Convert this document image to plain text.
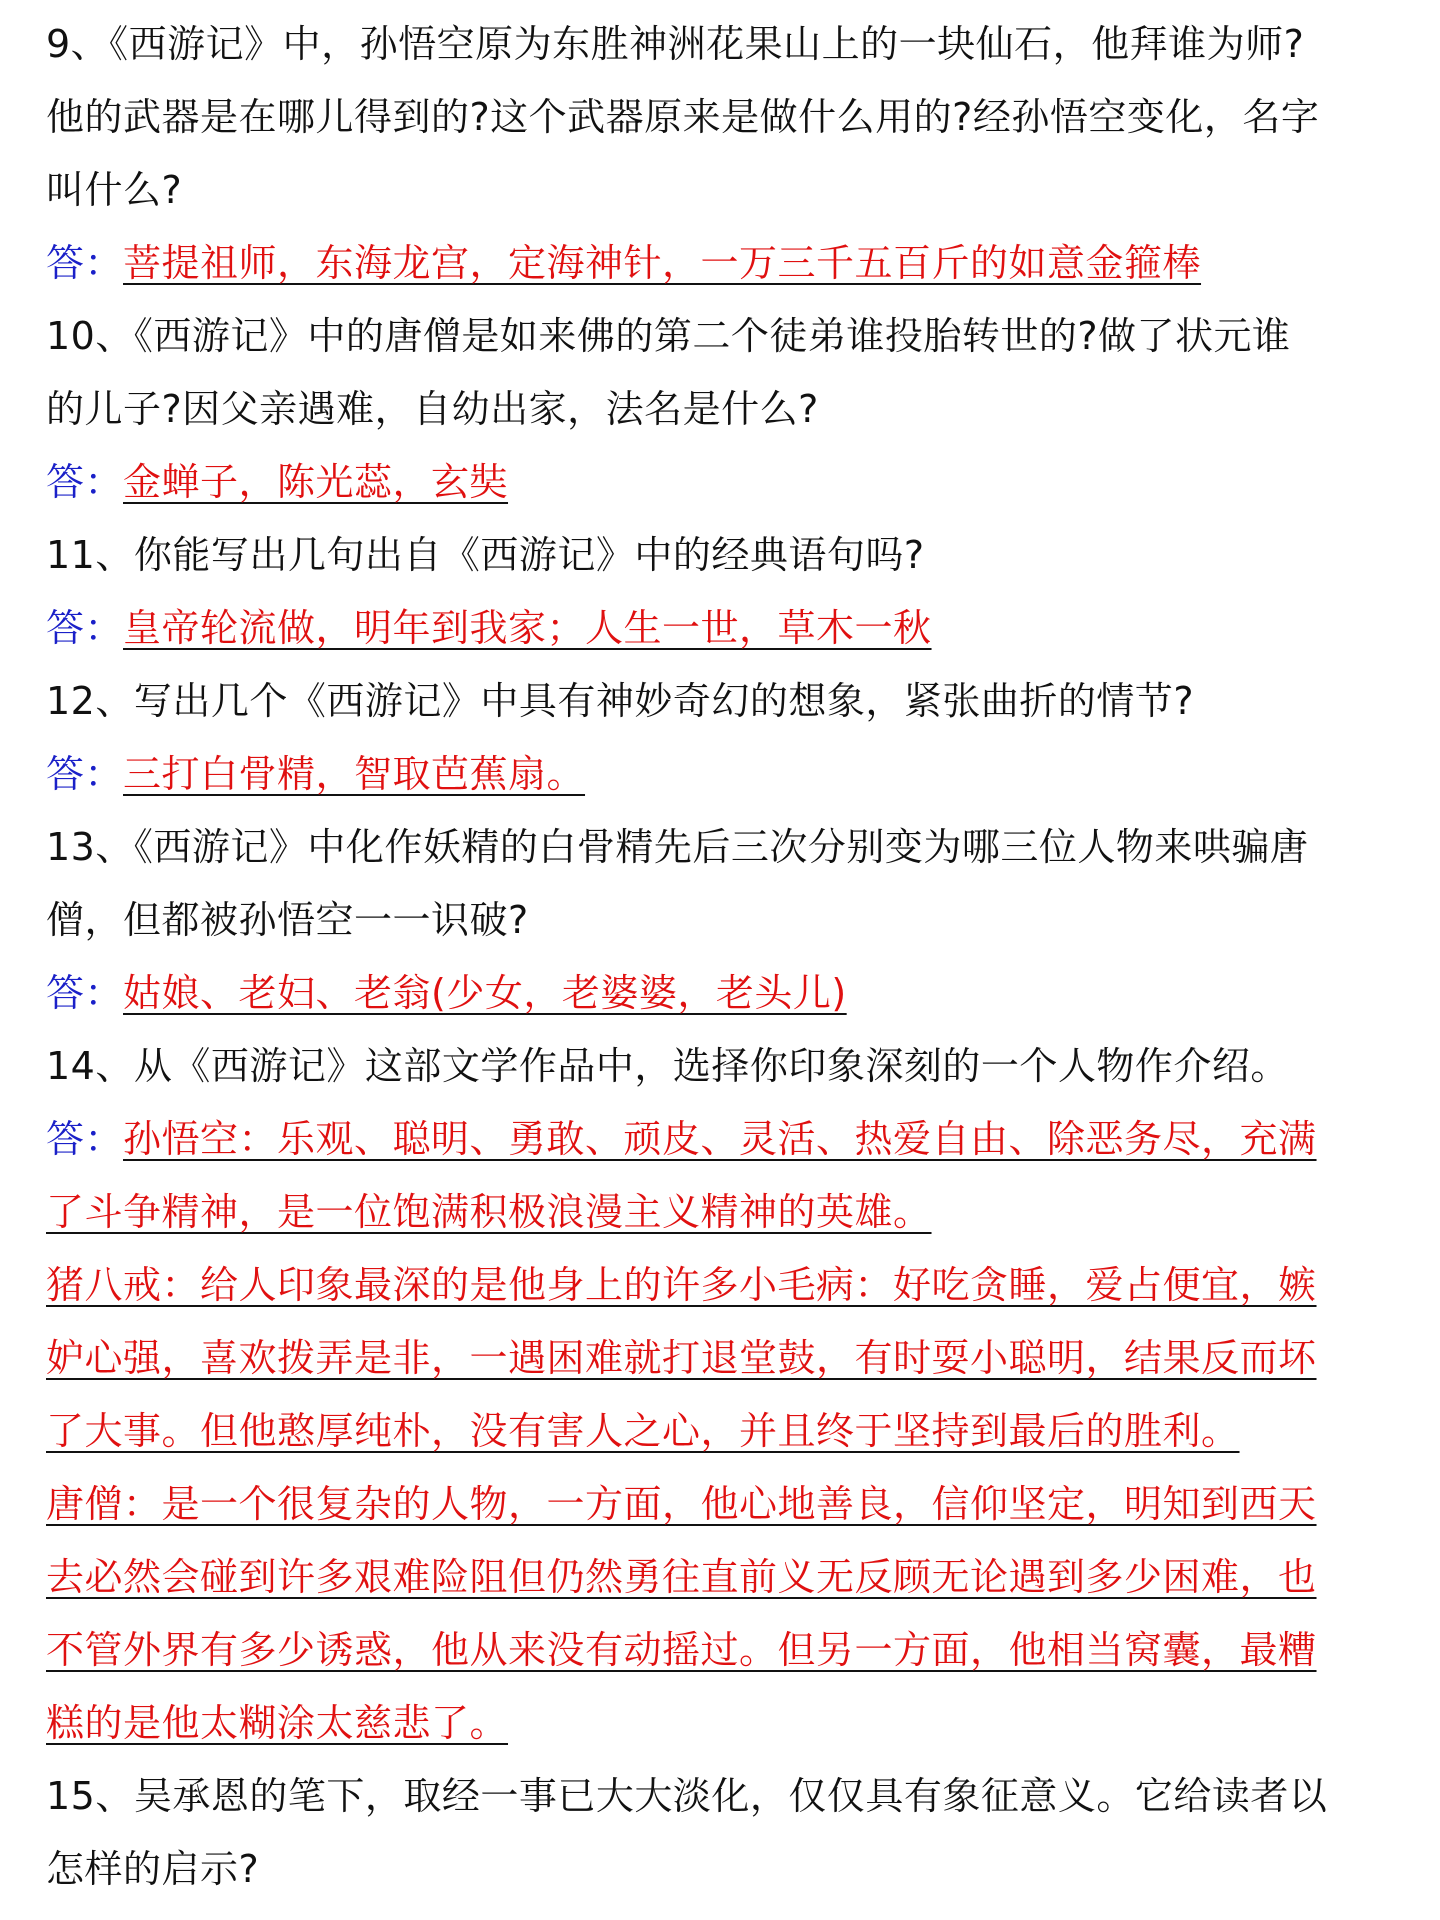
9、《西游记》中，孙悟空原为东胜神洲花果山上的一块仙石，他拜谁为师?
他的武器是在哪儿得到的?这个武器原来是做什么用的?经孙悟空变化，名字
叫什么?
答：菩提祖师，东海龙宫，定海神针，一万三千五百斤的如意金箍棒
10、《西游记》中的唐僧是如来佛的第二个徒弟谁投胎转世的?做了状元谁
的儿子?因父亲遇难，自幼出家，法名是什么?
答：金蝉子，陈光蕊，玄奘
11、你能写出几句出自《西游记》中的经典语句吗?
答：皇帝轮流做，明年到我家；人生一世，草木一秋
12、写出几个《西游记》中具有神妙奇幻的想象，紧张曲折的情节?
答：三打白骨精，智取芭蕉扇。
13、《西游记》中化作妖精的白骨精先后三次分别变为哪三位人物来哄骗唐
僧，但都被孙悟空一一识破?
答：姑娘、老妇、老翁(少女，老婆婆，老头儿)
14、从《西游记》这部文学作品中，选择你印象深刻的一个人物作介绍。
答：孙悟空：乐观、聪明、勇敢、顽皮、灵活、热爱自由、除恶务尽，充满
了斗争精神，是一位饱满积极浪漫主义精神的英雄。
猪八戒：给人印象最深的是他身上的许多小毛病：好吃贪睡，爱占便宜，嫉
妒心强，喜欢拨弄是非，一遇困难就打退堂鼓，有时耍小聪明，结果反而坏
了大事。但他憨厚纯朴，没有害人之心，并且终于坚持到最后的胜利。
唐僧：是一个很复杂的人物，一方面，他心地善良，信仰坚定，明知到西天
去必然会碰到许多艰难险阻但仍然勇往直前义无反顾无论遇到多少困难，也
不管外界有多少诱惑，他从来没有动摇过。但另一方面，他相当窝囊，最糟
糕的是他太糊涂太慈悲了。
15、吴承恩的笔下，取经一事已大大淡化，仅仅具有象征意义。它给读者以
怎样的启示?
